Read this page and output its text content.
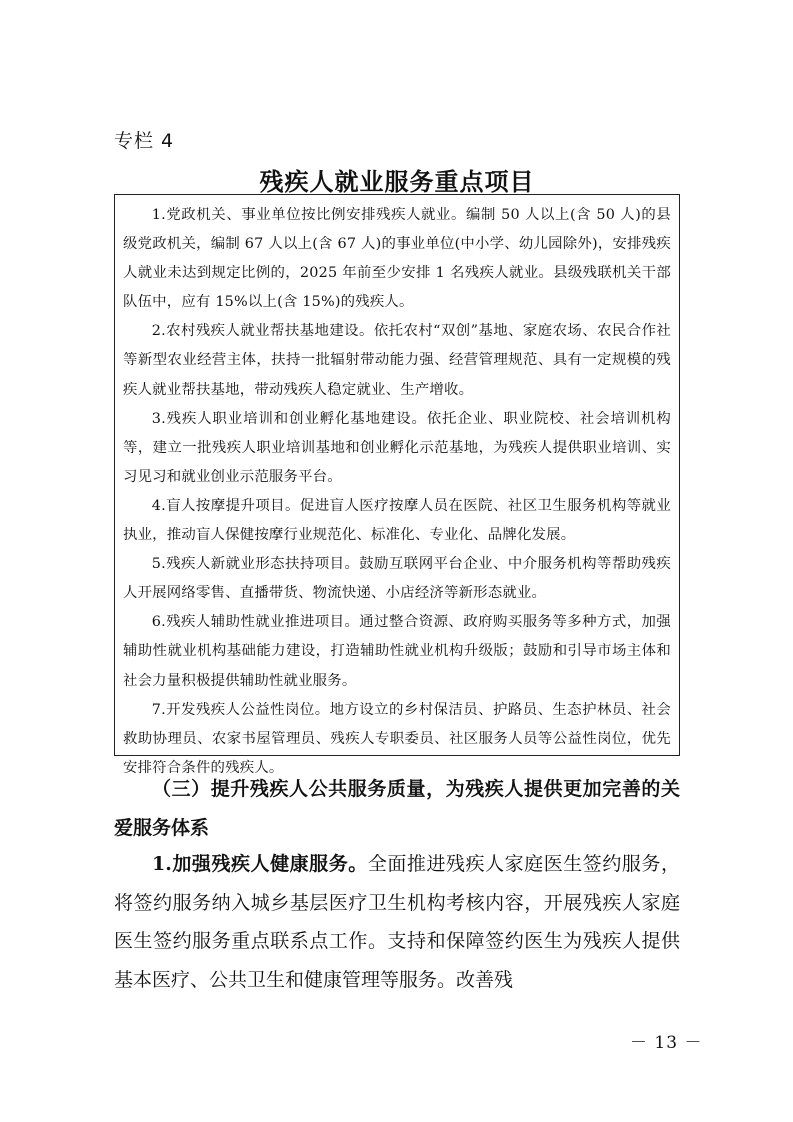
专栏 4
残疾人就业服务重点项目

1.党政机关、事业单位按比例安排残疾人就业。编制 50 人以上(含 50 人)的县级党政机关，编制 67 人以上(含 67 人)的事业单位(中小学、幼儿园除外)，安排残疾人就业未达到规定比例的，2025 年前至少安排 1 名残疾人就业。县级残联机关干部队伍中，应有 15%以上(含 15%)的残疾人。

2.农村残疾人就业帮扶基地建设。依托农村“双创”基地、家庭农场、农民合作社等新型农业经营主体，扶持一批辐射带动能力强、经营管理规范、具有一定规模的残疾人就业帮扶基地，带动残疾人稳定就业、生产增收。

3.残疾人职业培训和创业孵化基地建设。依托企业、职业院校、社会培训机构等，建立一批残疾人职业培训基地和创业孵化示范基地，为残疾人提供职业培训、实习见习和就业创业示范服务平台。

4.盲人按摩提升项目。促进盲人医疗按摩人员在医院、社区卫生服务机构等就业执业，推动盲人保健按摩行业规范化、标准化、专业化、品牌化发展。

5.残疾人新就业形态扶持项目。鼓励互联网平台企业、中介服务机构等帮助残疾人开展网络零售、直播带货、物流快递、小店经济等新形态就业。

6.残疾人辅助性就业推进项目。通过整合资源、政府购买服务等多种方式，加强辅助性就业机构基础能力建设，打造辅助性就业机构升级版；鼓励和引导市场主体和社会力量积极提供辅助性就业服务。

7.开发残疾人公益性岗位。地方设立的乡村保洁员、护路员、生态护林员、社会救助协理员、农家书屋管理员、残疾人专职委员、社区服务人员等公益性岗位，优先安排符合条件的残疾人。

（三）提升残疾人公共服务质量，为残疾人提供更加完善的关爱服务体系

1.加强残疾人健康服务。全面推进残疾人家庭医生签约服务，将签约服务纳入城乡基层医疗卫生机构考核内容，开展残疾人家庭医生签约服务重点联系点工作。支持和保障签约医生为残疾人提供基本医疗、公共卫生和健康管理等服务。改善残

－ 13 －
